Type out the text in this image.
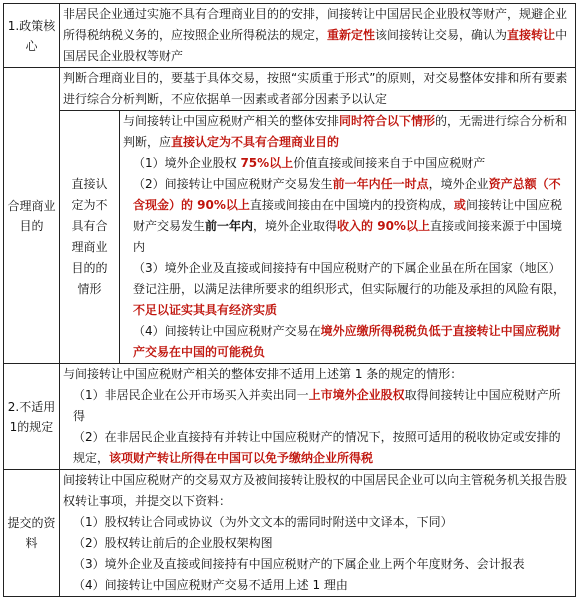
1.政策核心	非居民企业通过实施不具有合理商业目的的安排，间接转让中国居民企业股权等财产，规避企业所得税纳税义务的，应按照企业所得税法的规定，重新定性该间接转让交易，确认为直接转让中国居民企业股权等财产	
合理商业目的	判断合理商业目的，要基于具体交易，按照“实质重于形式”的原则，对交易整体安排和所有要素进行综合分析判断，不应依据单一因素或者部分因素予以认定	
	直接认定为不具有合理商业目的的情形	与间接转让中国应税财产相关的整体安排同时符合以下情形的，无需进行综合分析和判断，应直接认定为不具有合理商业目的
（1）境外企业股权 75%以上价值直接或间接来自于中国应税财产
（2）间接转让中国应税财产交易发生前一年内任一时点，境外企业资产总额（不含现金）的 90%以上直接或间接由在中国境内的投资构成，或间接转让中国应税财产交易发生前一年内，境外企业取得收入的 90%以上直接或间接来源于中国境内
（3）境外企业及直接或间接持有中国应税财产的下属企业虽在所在国家（地区）登记注册，以满足法律所要求的组织形式，但实际履行的功能及承担的风险有限，不足以证实其具有经济实质
（4）间接转让中国应税财产交易在境外应缴所得税税负低于直接转让中国应税财产交易在中国的可能税负

2.不适用1的规定	与间接转让中国应税财产相关的整体安排不适用上述第 1 条的规定的情形：
（1）非居民企业在公开市场买入并卖出同一上市境外企业股权取得间接转让中国应税财产所得
（2）在非居民企业直接持有并转让中国应税财产的情况下，按照可适用的税收协定或安排的规定，该项财产转让所得在中国可以免予缴纳企业所得税	

提交的资料	间接转让中国应税财产的交易双方及被间接转让股权的中国居民企业可以向主管税务机关报告股权转让事项，并提交以下资料：
（1）股权转让合同或协议（为外文文本的需同时附送中文译本，下同）
（2）股权转让前后的企业股权架构图
（3）境外企业及直接或间接持有中国应税财产的下属企业上两个年度财务、会计报表
（4）间接转让中国应税财产交易不适用上述 1 理由	
